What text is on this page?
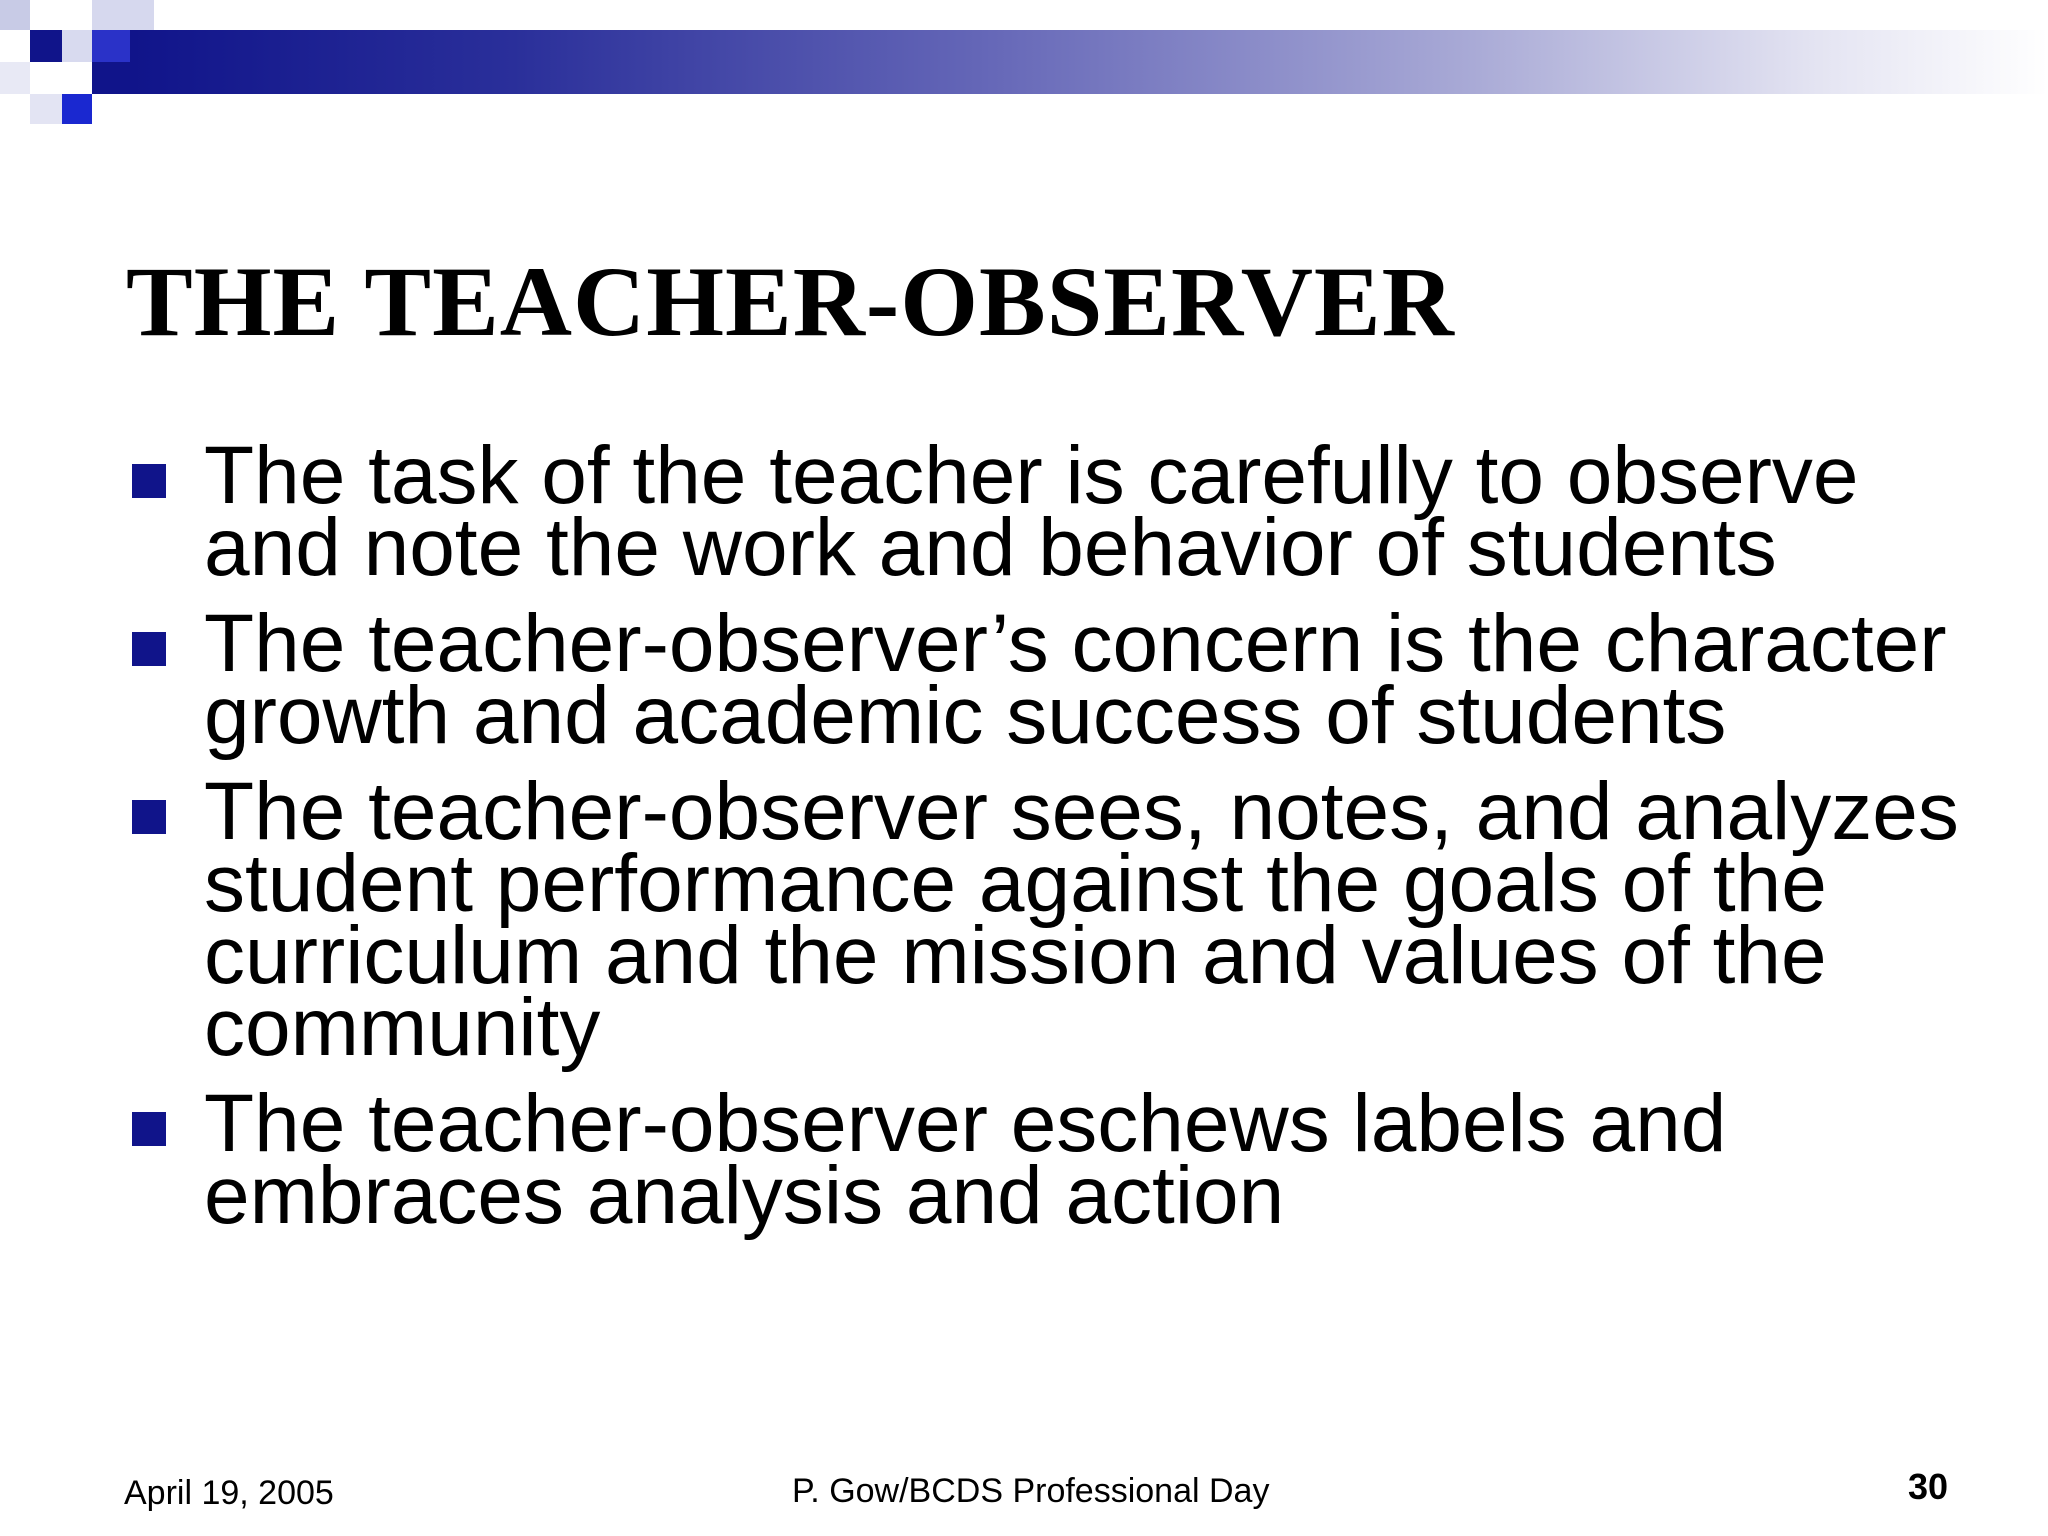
THE TEACHER-OBSERVER
The task of the teacher is carefully to observe and note the work and behavior of students
The teacher-observer’s concern is the character growth and academic success of students
The teacher-observer sees, notes, and analyzes student performance against the goals of the curriculum and the mission and values of the community
The teacher-observer eschews labels and embraces analysis and action
April 19, 2005	P. Gow/BCDS Professional Day	30
